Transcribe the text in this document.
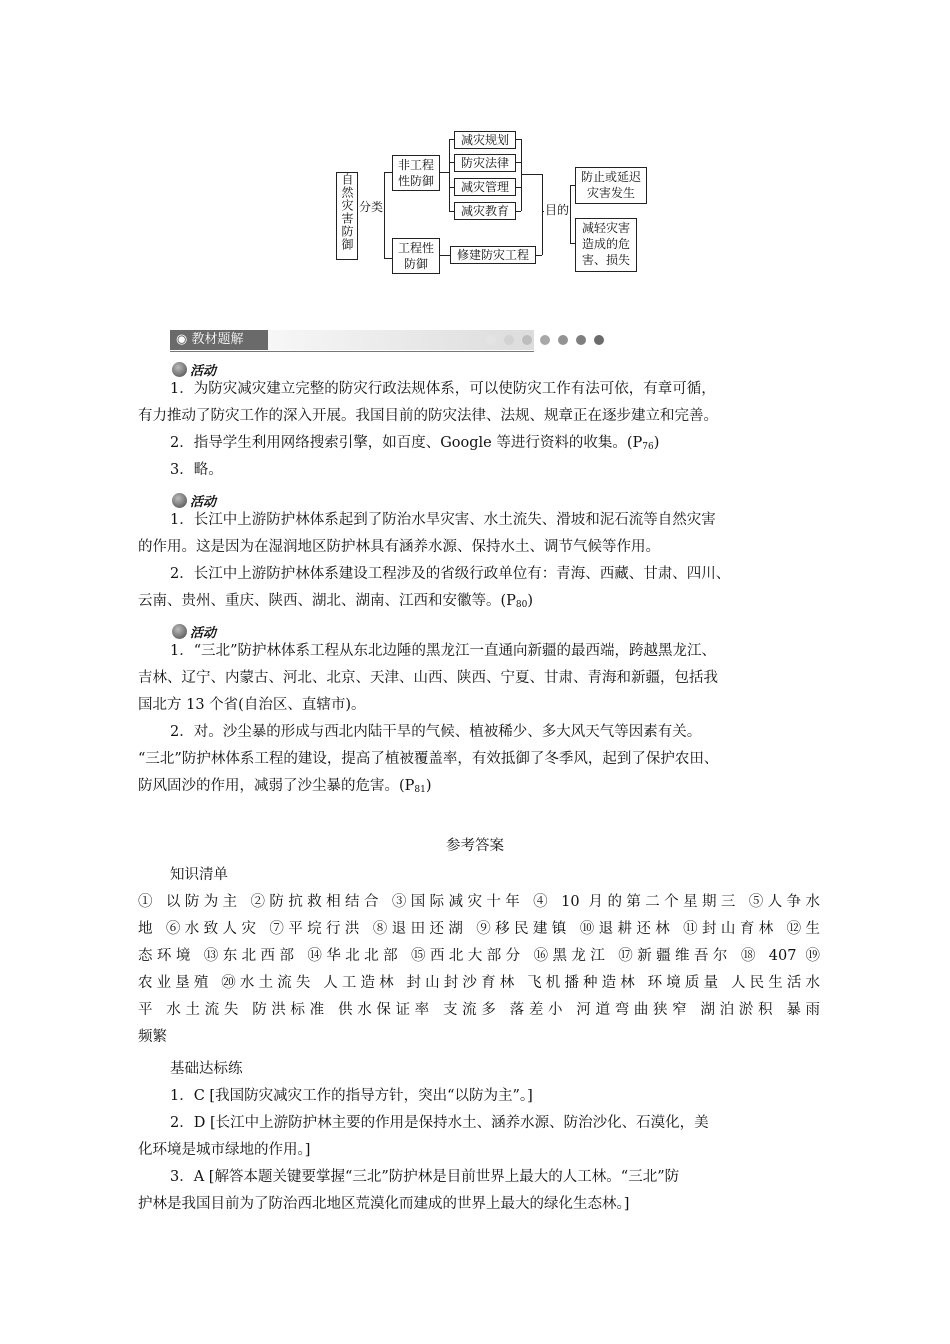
自然灾害防御 分类
非工程性防御
工程性防御
减灾规划
防灾法律
减灾管理
减灾教育
修建防灾工程
目的
防止或延迟灾害发生
减轻灾害造成的危害、损失
◉ 教材题解
活动
1．为防灾减灾建立完整的防灾行政法规体系，可以使防灾工作有法可依，有章可循，
有力推动了防灾工作的深入开展。我国目前的防灾法律、法规、规章正在逐步建立和完善。
2．指导学生利用网络搜索引擎，如百度、Google 等进行资料的收集。$(P_{76})$
3．略。
活动
1．长江中上游防护林体系起到了防治水旱灾害、水土流失、滑坡和泥石流等自然灾害
的作用。这是因为在湿润地区防护林具有涵养水源、保持水土、调节气候等作用。
2．长江中上游防护林体系建设工程涉及的省级行政单位有：青海、西藏、甘肃、四川、
云南、贵州、重庆、陕西、湖北、湖南、江西和安徽等。$(P_{80})$
活动
1．“三北”防护林体系工程从东北边陲的黑龙江一直通向新疆的最西端，跨越黑龙江、
吉林、辽宁、内蒙古、河北、北京、天津、山西、陕西、宁夏、甘肃、青海和新疆，包括我
国北方 13 个省(自治区、直辖市)。
2．对。沙尘暴的形成与西北内陆干旱的气候、植被稀少、多大风天气等因素有关。
“三北”防护林体系工程的建设，提高了植被覆盖率，有效抵御了冬季风，起到了保护农田、
防风固沙的作用，减弱了沙尘暴的危害。$(P_{81})$
参考答案
知识清单
① 以防为主 ②防抗救相结合 ③国际减灾十年 ④ 10 月的第二个星期三 ⑤人争水
地 ⑥水致人灾 ⑦平垸行洪 ⑧退田还湖 ⑨移民建镇 ⑩退耕还林 ⑪封山育林 ⑫生
态环境 ⑬东北西部 ⑭华北北部 ⑮西北大部分 ⑯黑龙江 ⑰新疆维吾尔 ⑱ 407 ⑲
农业垦殖 ⑳水土流失 人工造林 封山封沙育林 飞机播种造林 环境质量 人民生活水
平 水土流失 防洪标准 供水保证率 支流多 落差小 河道弯曲狭窄 湖泊淤积 暴雨
频繁
基础达标练
1．C [我国防灾减灾工作的指导方针，突出“以防为主”。]
2．D [长江中上游防护林主要的作用是保持水土、涵养水源、防治沙化、石漠化，美
化环境是城市绿地的作用。]
3．A [解答本题关键要掌握“三北”防护林是目前世界上最大的人工林。“三北”防
护林是我国目前为了防治西北地区荒漠化而建成的世界上最大的绿化生态林。]
